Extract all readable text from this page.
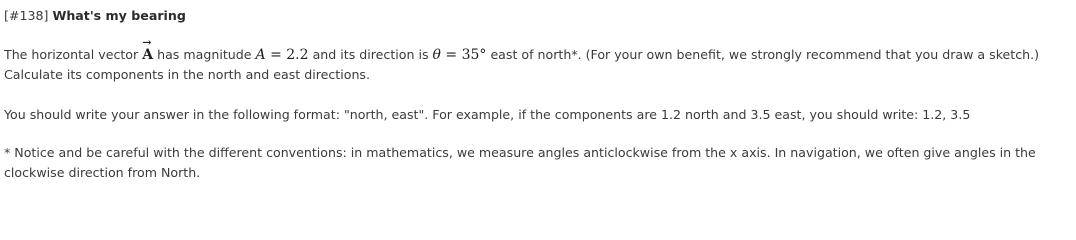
[#138] What's my bearing

The horizontal vector
→
A has magnitude A = 2.2 and its direction is θ = 35° east of north*. (For your own benefit, we strongly recommend that you draw a sketch.)
Calculate its components in the north and east directions.

You should write your answer in the following format: "north, east". For example, if the components are 1.2 north and 3.5 east, you should write: 1.2, 3.5

* Notice and be careful with the different conventions: in mathematics, we measure angles anticlockwise from the x axis. In navigation, we often give angles in the
clockwise direction from North.
